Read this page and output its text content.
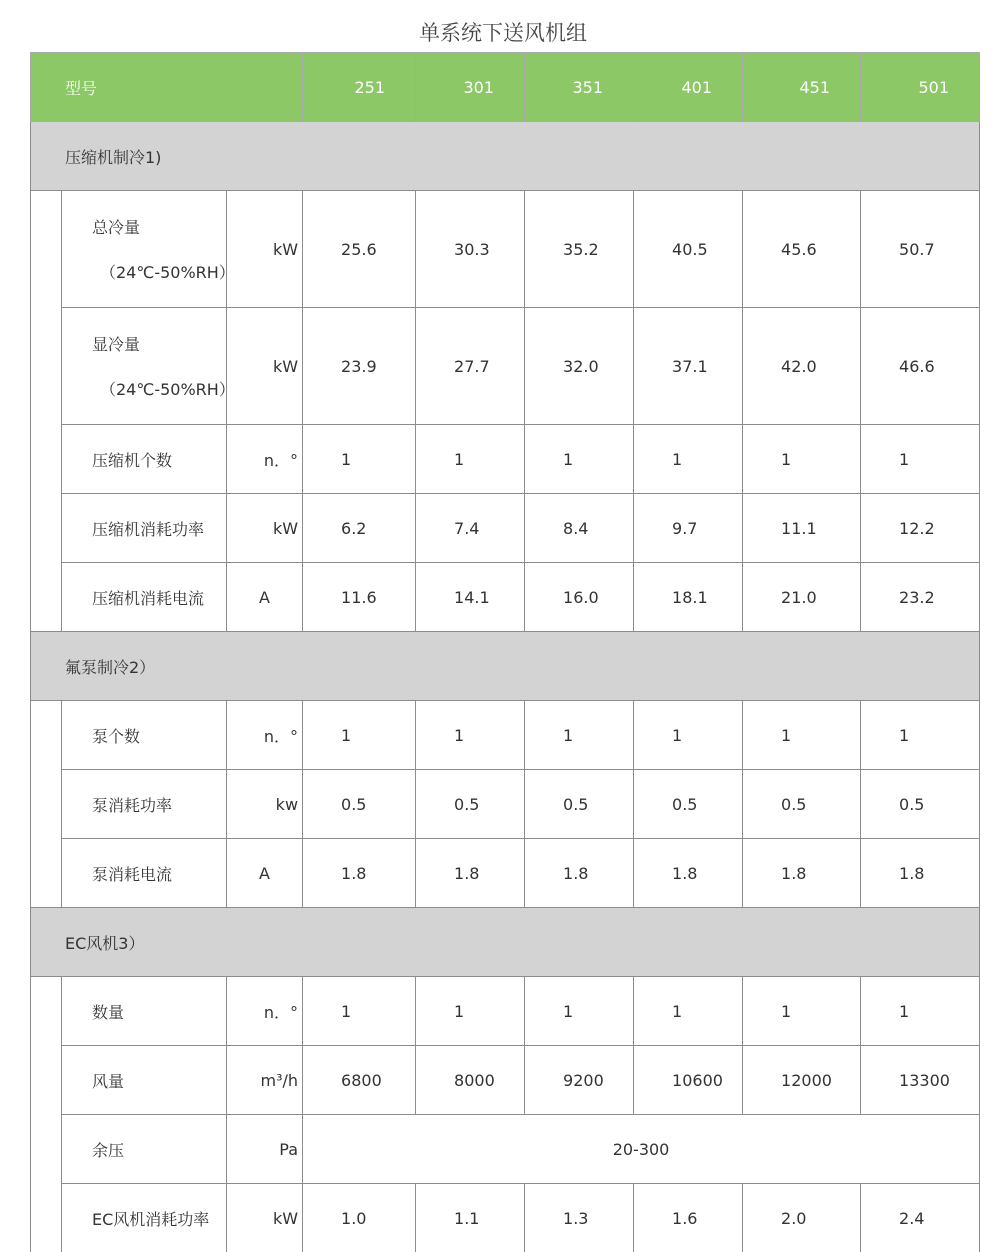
单系统下送风机组
型号			251	301	351	401	451	501
压缩机制冷1)								
	总冷量
（24℃-50%RH）	kW	25.6	30.3	35.2	40.5	45.6	50.7
	显冷量
（24℃-50%RH）	kW	23.9	27.7	32.0	37.1	42.0	46.6
	压缩机个数	n．°	1	1	1	1	1	1
	压缩机消耗功率	kW	6.2	7.4	8.4	9.7	11.1	12.2
	压缩机消耗电流	A	11.6	14.1	16.0	18.1	21.0	23.2
氟泵制冷2）								
	泵个数	n．°	1	1	1	1	1	1
	泵消耗功率	kw	0.5	0.5	0.5	0.5	0.5	0.5
	泵消耗电流	A	1.8	1.8	1.8	1.8	1.8	1.8
EC风机3）								
	数量	n．°	1	1	1	1	1	1
	风量	m³/h	6800	8000	9200	10600	12000	13300
	余压	Pa	20-300					
	EC风机消耗功率	kW	1.0	1.1	1.3	1.6	2.0	2.4
